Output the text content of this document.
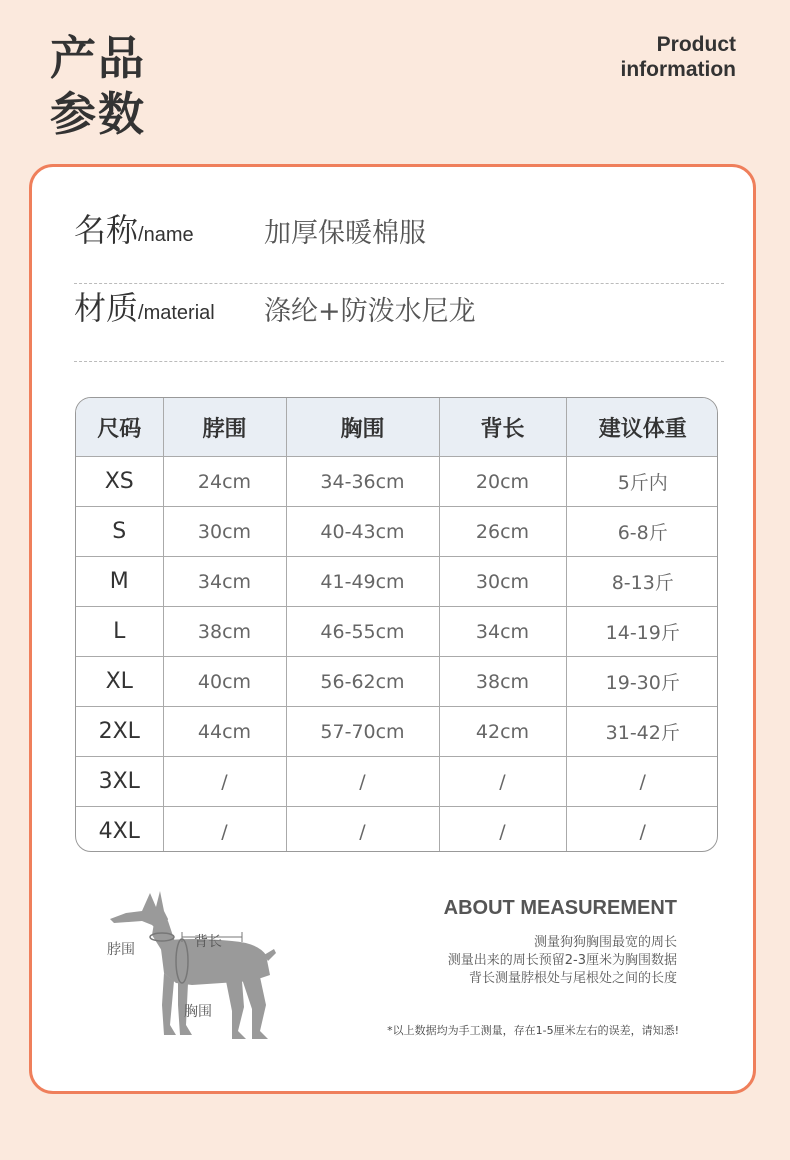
产品
参数
Product
information
名称/name	加厚保暖棉服
材质/material 涤纶+防泼水尼龙
尺码	脖围	胸围	背长	建议体重
XS	24cm	34-36cm	20cm	5斤内
S	30cm	40-43cm	26cm	6-8斤
M	34cm	41-49cm	30cm	8-13斤
L	38cm	46-55cm	34cm	14-19斤
XL	40cm	56-62cm	38cm	19-30斤
2XL	44cm	57-70cm	42cm	31-42斤
3XL	/	/	/	/
4XL	/	/	/	/
脖围	背长
胸围
ABOUT MEASUREMENT
测量狗狗胸围最宽的周长
测量出来的周长预留2-3厘米为胸围数据
背长测量脖根处与尾根处之间的长度
*以上数据均为手工测量，存在1-5厘米左右的误差，请知悉!
